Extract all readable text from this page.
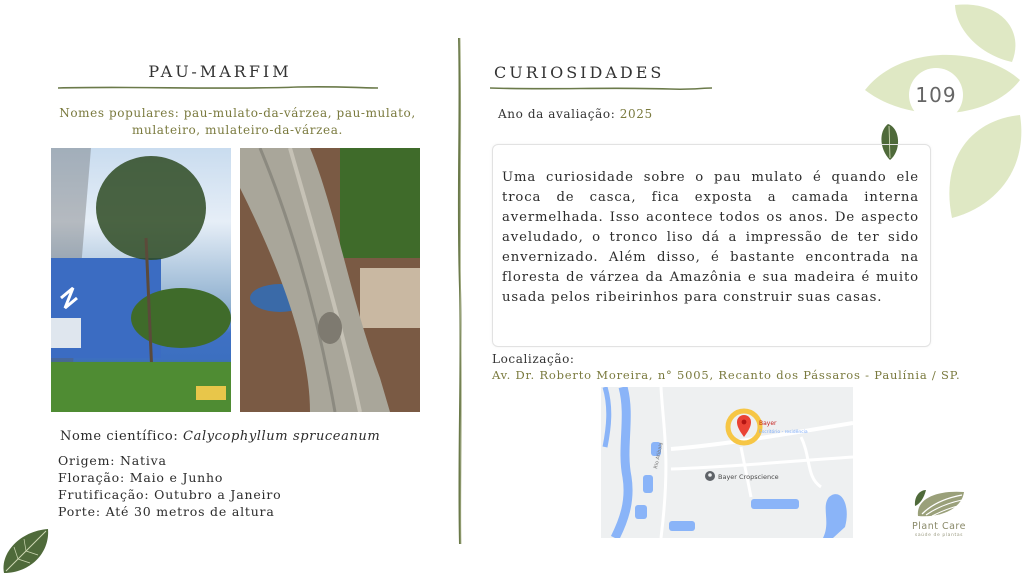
109
PAU-MARFIM
Nomes populares: pau-mulato-da-várzea, pau-mulato, mulateiro, mulateiro-da-várzea.
Nome científico: Calycophyllum spruceanum
Origem: Nativa
Floração: Maio e Junho
Frutificação: Outubro a Janeiro
Porte: Até 30 metros de altura
CURIOSIDADES
Ano da avaliação: 2025
Uma curiosidade sobre o pau mulato é quando ele troca de casca, fica exposta a camada interna avermelhada. Isso acontece todos os anos. De aspecto aveludado, o tronco liso dá a impressão de ter sido envernizado. Além disso, é bastante encontrada na floresta de várzea da Amazônia e sua madeira é muito usada pelos ribeirinhos para construir suas casas.
Localização:
Av. Dr. Roberto Moreira, n° 5005, Recanto dos Pássaros - Paulínia / SP.
Bayer
Escritório - residência
Bayer Cropscience
Rio Atibaia
Plant Care
saúde de plantas
